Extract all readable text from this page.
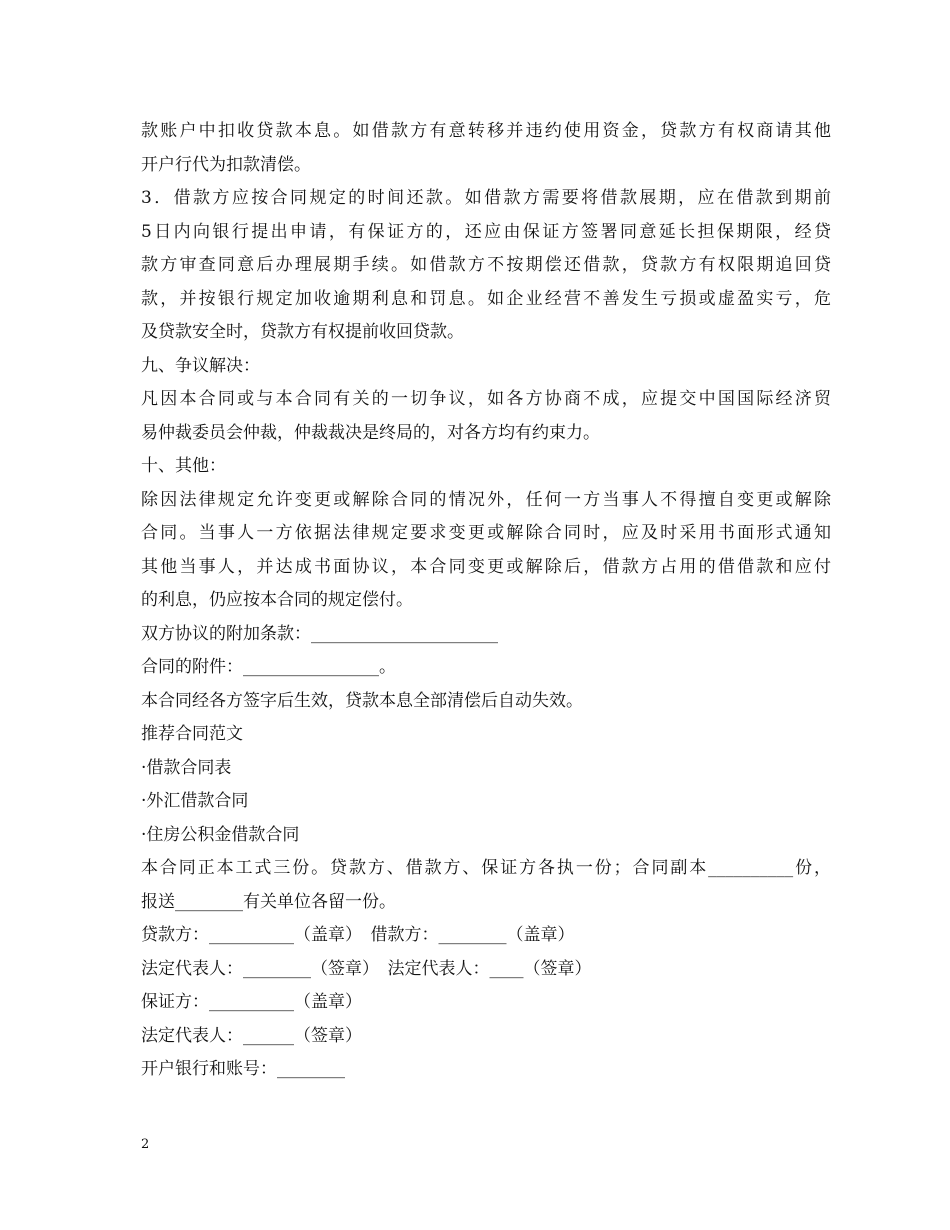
款账户中扣收贷款本息。如借款方有意转移并违约使用资金，贷款方有权商请其他
开户行代为扣款清偿。
3．借款方应按合同规定的时间还款。如借款方需要将借款展期，应在借款到期前
5日内向银行提出申请，有保证方的，还应由保证方签署同意延长担保期限，经贷
款方审查同意后办理展期手续。如借款方不按期偿还借款，贷款方有权限期追回贷
款，并按银行规定加收逾期利息和罚息。如企业经营不善发生亏损或虚盈实亏，危
及贷款安全时，贷款方有权提前收回贷款。
九、争议解决：
凡因本合同或与本合同有关的一切争议，如各方协商不成，应提交中国国际经济贸
易仲裁委员会仲裁，仲裁裁决是终局的，对各方均有约束力。
十、其他：
除因法律规定允许变更或解除合同的情况外，任何一方当事人不得擅自变更或解除
合同。当事人一方依据法律规定要求变更或解除合同时，应及时采用书面形式通知
其他当事人，并达成书面协议，本合同变更或解除后，借款方占用的借借款和应付
的利息，仍应按本合同的规定偿付。
双方协议的附加条款：______________________
合同的附件：________________。
本合同经各方签字后生效，贷款本息全部清偿后自动失效。
推荐合同范文
·借款合同表
·外汇借款合同
·住房公积金借款合同
本合同正本工式三份。贷款方、借款方、保证方各执一份；合同副本__________份，
报送________有关单位各留一份。
贷款方：__________（盖章）　借款方：________（盖章）
法定代表人：________（签章）　法定代表人：____（签章）
保证方：__________（盖章）
法定代表人：______（签章）
开户银行和账号：________
2
